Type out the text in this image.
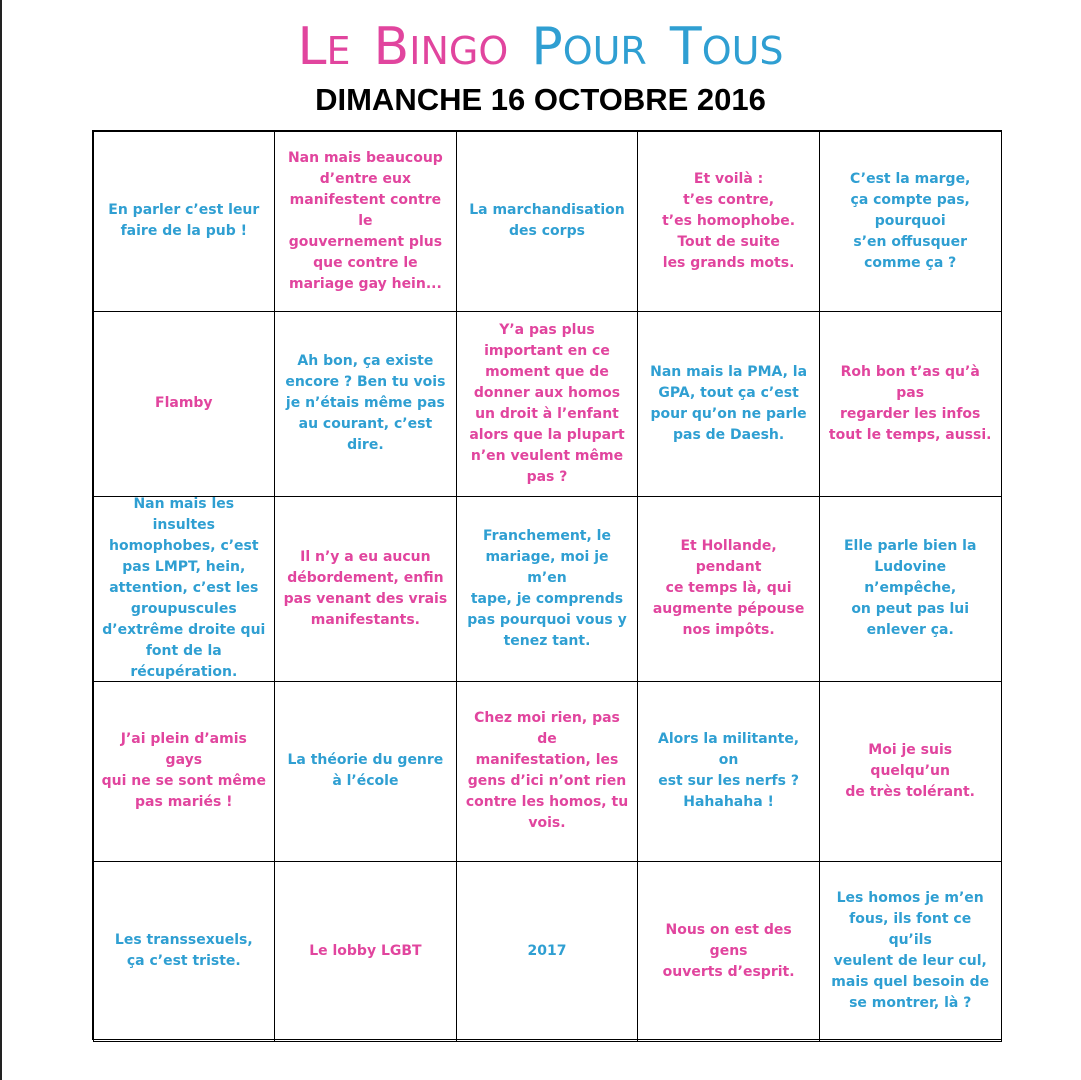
LE BINGO POUR TOUS
DIMANCHE 16 OCTOBRE 2016
En parler c’est leur
faire de la pub !
Nan mais beaucoup
d’entre eux
manifestent contre le
gouvernement plus
que contre le
mariage gay hein...
La marchandisation
des corps
Et voilà :
t’es contre,
t’es homophobe.
Tout de suite
les grands mots.
C’est la marge,
ça compte pas,
pourquoi
s’en offusquer
comme ça ?
Flamby
Ah bon, ça existe
encore ? Ben tu vois
je n’étais même pas
au courant, c’est dire.
Y’a pas plus
important en ce
moment que de
donner aux homos
un droit à l’enfant
alors que la plupart
n’en veulent même
pas ?
Nan mais la PMA, la
GPA, tout ça c’est
pour qu’on ne parle
pas de Daesh.
Roh bon t’as qu’à pas
regarder les infos
tout le temps, aussi.
Nan mais les insultes
homophobes, c’est
pas LMPT, hein,
attention, c’est les
groupuscules
d’extrême droite qui
font de la
récupération.
Il n’y a eu aucun
débordement, enfin
pas venant des vrais
manifestants.
Franchement, le
mariage, moi je m’en
tape, je comprends
pas pourquoi vous y
tenez tant.
Et Hollande, pendant
ce temps là, qui
augmente pépouse
nos impôts.
Elle parle bien la
Ludovine n’empêche,
on peut pas lui
enlever ça.
J’ai plein d’amis gays
qui ne se sont même
pas mariés !
La théorie du genre
à l’école
Chez moi rien, pas de
manifestation, les
gens d’ici n’ont rien
contre les homos, tu
vois.
Alors la militante, on
est sur les nerfs ?
Hahahaha !
Moi je suis quelqu’un
de très tolérant.
Les transsexuels,
ça c’est triste.
Le lobby LGBT	2017
Nous on est des gens
ouverts d’esprit.
Les homos je m’en
fous, ils font ce qu’ils
veulent de leur cul,
mais quel besoin de
se montrer, là ?
